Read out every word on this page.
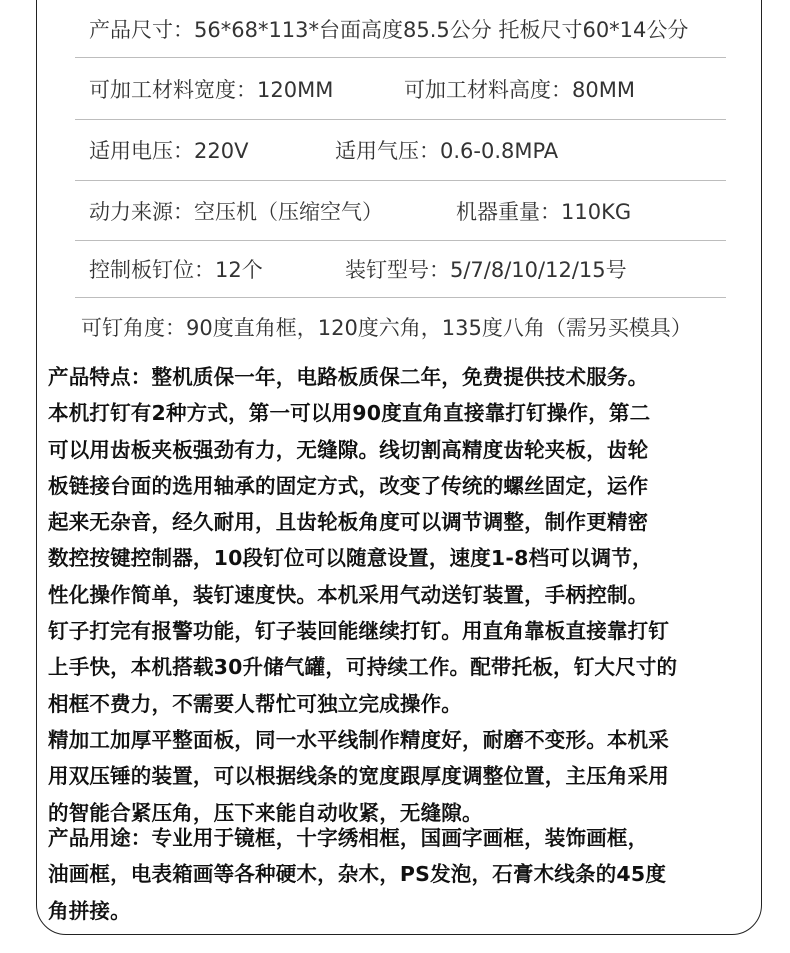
产品尺寸：56*68*113*台面高度85.5公分 托板尺寸60*14公分
可加工材料宽度：120MM	可加工材料高度：80MM
适用电压：220V	适用气压：0.6-0.8MPA
动力来源：空压机（压缩空气）	机器重量：110KG
控制板钉位：12个	装钉型号：5/7/8/10/12/15号
可钉角度：90度直角框，120度六角，135度八角（需另买模具）

产品特点：整机质保一年，电路板质保二年，免费提供技术服务。

本机打钉有2种方式，第一可以用90度直角直接靠打钉操作，第二

可以用齿板夹板强劲有力，无缝隙。线切割高精度齿轮夹板，齿轮

板链接台面的选用轴承的固定方式，改变了传统的螺丝固定，运作

起来无杂音，经久耐用，且齿轮板角度可以调节调整，制作更精密

数控按键控制器，10段钉位可以随意设置，速度1-8档可以调节，

性化操作简单，装钉速度快。本机采用气动送钉装置，手柄控制。

钉子打完有报警功能，钉子装回能继续打钉。用直角靠板直接靠打钉

上手快，本机搭载30升储气罐，可持续工作。配带托板，钉大尺寸的

相框不费力，不需要人帮忙可独立完成操作。

精加工加厚平整面板，同一水平线制作精度好，耐磨不变形。本机采

用双压锤的装置，可以根据线条的宽度跟厚度调整位置，主压角采用

的智能合紧压角，压下来能自动收紧，无缝隙。

产品用途：专业用于镜框，十字绣相框，国画字画框，装饰画框，

油画框，电表箱画等各种硬木，杂木，PS发泡，石膏木线条的45度

角拼接。
